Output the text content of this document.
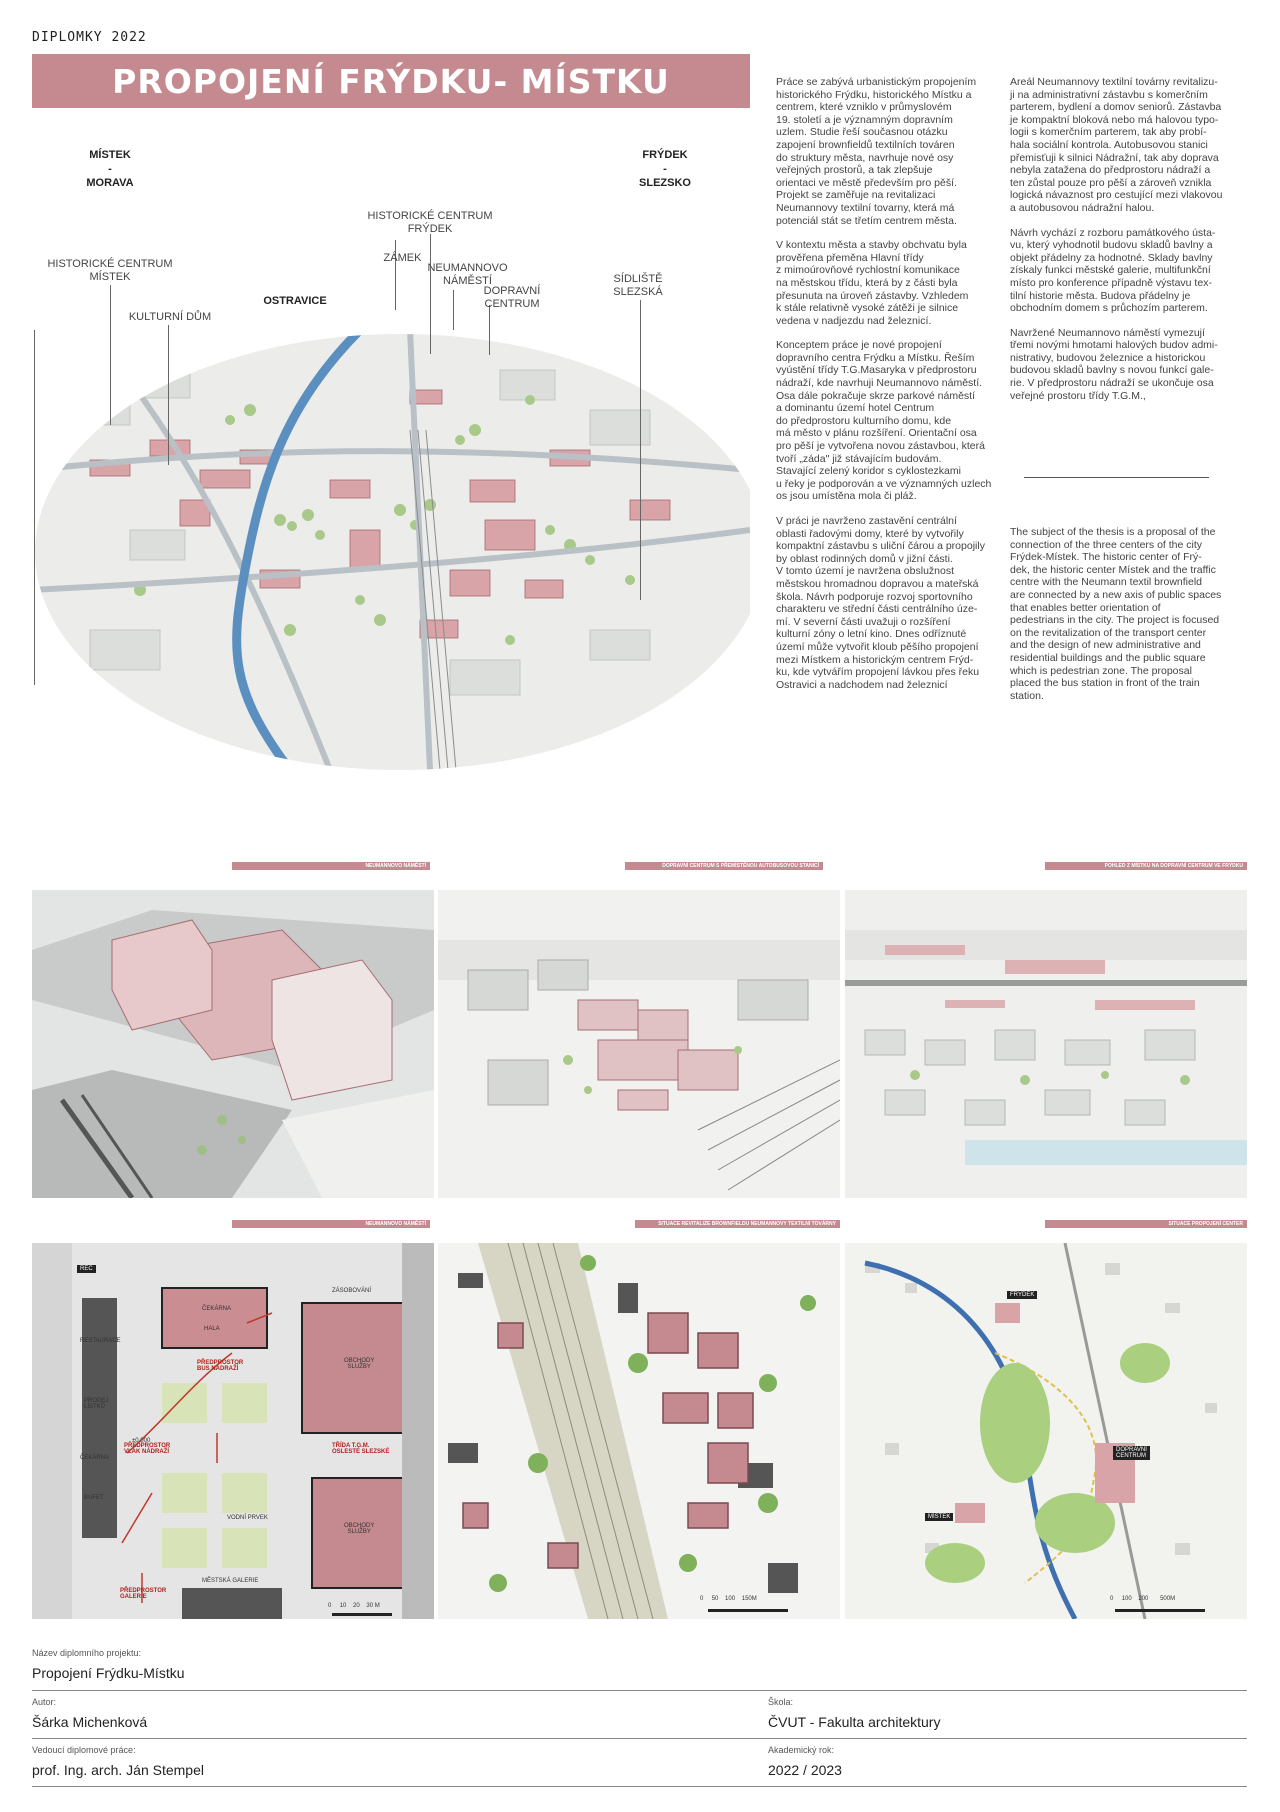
DIPLOMKY 2022
PROPOJENÍ FRÝDKU- MÍSTKU
MÍSTEK
-
MORAVA
FRÝDEK
-
SLEZSKO
HISTORICKÉ CENTRUM
FRÝDEK
HISTORICKÉ CENTRUM
MÍSTEK
ZÁMEK
NEUMANNOVO
NÁMĚSTÍ
DOPRAVNÍ
CENTRUM
SÍDLIŠTĚ
SLEZSKÁ
KULTURNÍ DŮM
OSTRAVICE

Práce se zabývá urbanistickým propojením
historického Frýdku, historického Místku a
centrem, které vzniklo v průmyslovém
19. století a je významným dopravním
uzlem. Studie řeší současnou otázku
zapojení brownfieldů textilních továren
do struktury města, navrhuje nové osy
veřejných prostorů, a tak zlepšuje
orientaci ve městě především pro pěší.
Projekt se zaměřuje na revitalizaci
Neumannovy textilní tovarny, která má
potenciál stát se třetím centrem města.

V kontextu města a stavby obchvatu byla
prověřena přeměna Hlavní třídy
z mimoúrovňové rychlostní komunikace
na městskou třídu, která by z části byla
přesunuta na úroveň zástavby. Vzhledem
k stále relativně vysoké zátěži je silnice
vedena v nadjezdu nad železnicí.

Konceptem práce je nové propojení
dopravního centra Frýdku a Místku. Řeším
vyústění třídy T.G.Masaryka v předprostoru
nádraží, kde navrhuji Neumannovo náměstí.
Osa dále pokračuje skrze parkové náměstí
a dominantu území hotel Centrum
do předprostoru kulturního domu, kde
má město v plánu rozšíření. Orientační osa
pro pěší je vytvořena novou zástavbou, která
tvoří „záda" již stávajícím budovám.
Stavající zelený koridor s cyklostezkami
u řeky je podporován a ve významných uzlech
os jsou umístěna mola či pláž.

V práci je navrženo zastavění centrální
oblasti řadovými domy, které by vytvořily
kompaktní zástavbu s uliční čárou a propojily
by oblast rodinných domů v jižní části.
V tomto území je navržena obslužnost
městskou hromadnou dopravou a mateřská
škola. Návrh podporuje rozvoj sportovního
charakteru ve střední části centrálního úze-
mí. V severní části uvažuji o rozšíření
kulturní zóny o letní kino. Dnes odříznuté
území může vytvořit kloub pěšího propojení
mezi Místkem a historickým centrem Frýd-
ku, kde vytvářím propojení lávkou přes řeku
Ostravici a nadchodem nad železnicí

Areál Neumannovy textilní továrny revitalizu-
ji na administrativní zástavbu s komerčním
parterem, bydlení a domov seniorů. Zástavba
je kompaktní bloková nebo má halovou typo-
logii s komerčním parterem, tak aby probí-
hala sociální kontrola. Autobusovou stanici
přemisťuji k silnici Nádražní, tak aby doprava
nebyla zatažena do předprostoru nádraží a
ten zůstal pouze pro pěší a zároveň vznikla
logická návaznost pro cestující mezi vlakovou
a autobusovou nádražní halou.

Návrh vychází z rozboru památkového ústa-
vu, který vyhodnotil budovu skladů bavlny a
objekt přádelny za hodnotné. Sklady bavlny
získaly funkci městské galerie, multifunkční
místo pro konference případně výstavu tex-
tilní historie města. Budova přádelny je
obchodním domem s průchozím parterem.

Navržené Neumannovo náměstí vymezují
třemi novými hmotami halových budov admi-
nistrativy, budovou železnice a historickou
budovou skladů bavlny s novou funkcí gale-
rie. V předprostoru nádraží se ukončuje osa
veřejné prostoru třídy T.G.M.,

The subject of the thesis is a proposal of the
connection of the three centers of the city
Frýdek-Místek. The historic center of Frý-
dek, the historic center Místek and the traffic
centre with the Neumann textil brownfield
are connected by a new axis of public spaces
that enables better orientation of
pedestrians in the city. The project is focused
on the revitalization of the transport center
and the design of new administrative and
residential buildings and the public square
which is pedestrian zone. The proposal
placed the bus station in front of the train
station.

NEUMANNOVO NÁMĚSTÍ	DOPRAVNÍ CENTRUM S PŘEMÍSTĚNOU AUTOBUSOVOU STANICÍ	POHLED Z MÍSTKU NA DOPRAVNÍ CENTRUM VE FRÝDKU
NEUMANNOVO NÁMĚSTÍ	SITUACE REVITALIZE BROWNFIELDU NEUMANNOVY TEXTILNÍ TOVÁRNY	SITUACE PROPOJENÍ CENTER
REC
RESTAURACE
PRODEJ
LÍSTKŮ
ČEKÁRNA
BUFET
ČEKÁRNA
HALA
OBCHODY
SLUŽBY
OBCHODY
SLUŽBY
ZÁSOBOVÁNÍ
PŘEDPROSTOR
BUS NÁDRAŽÍ
PŘEDPROSTOR
VLAK NÁDRAŽÍ
TŘÍDA T.G.M.
OSLESTÉ SLEZSKÉ
VODNÍ PRVEK
MĚSTSKÁ GALERIE
PŘEDPROSTOR
GALERIE
±0,000
0 10 20 30 M
0 50 100 150M
FRÝDEK
DOPRAVNÍ
CENTRUM
MÍSTEK
0 100 200 500M
Název diplomního projektu:
Propojení Frýdku-Místku
Autor:
Šárka Michenková
Škola:
ČVUT - Fakulta architektury
Vedoucí diplomové práce:
prof. Ing. arch. Ján Stempel
Akademický rok:
2022 / 2023
